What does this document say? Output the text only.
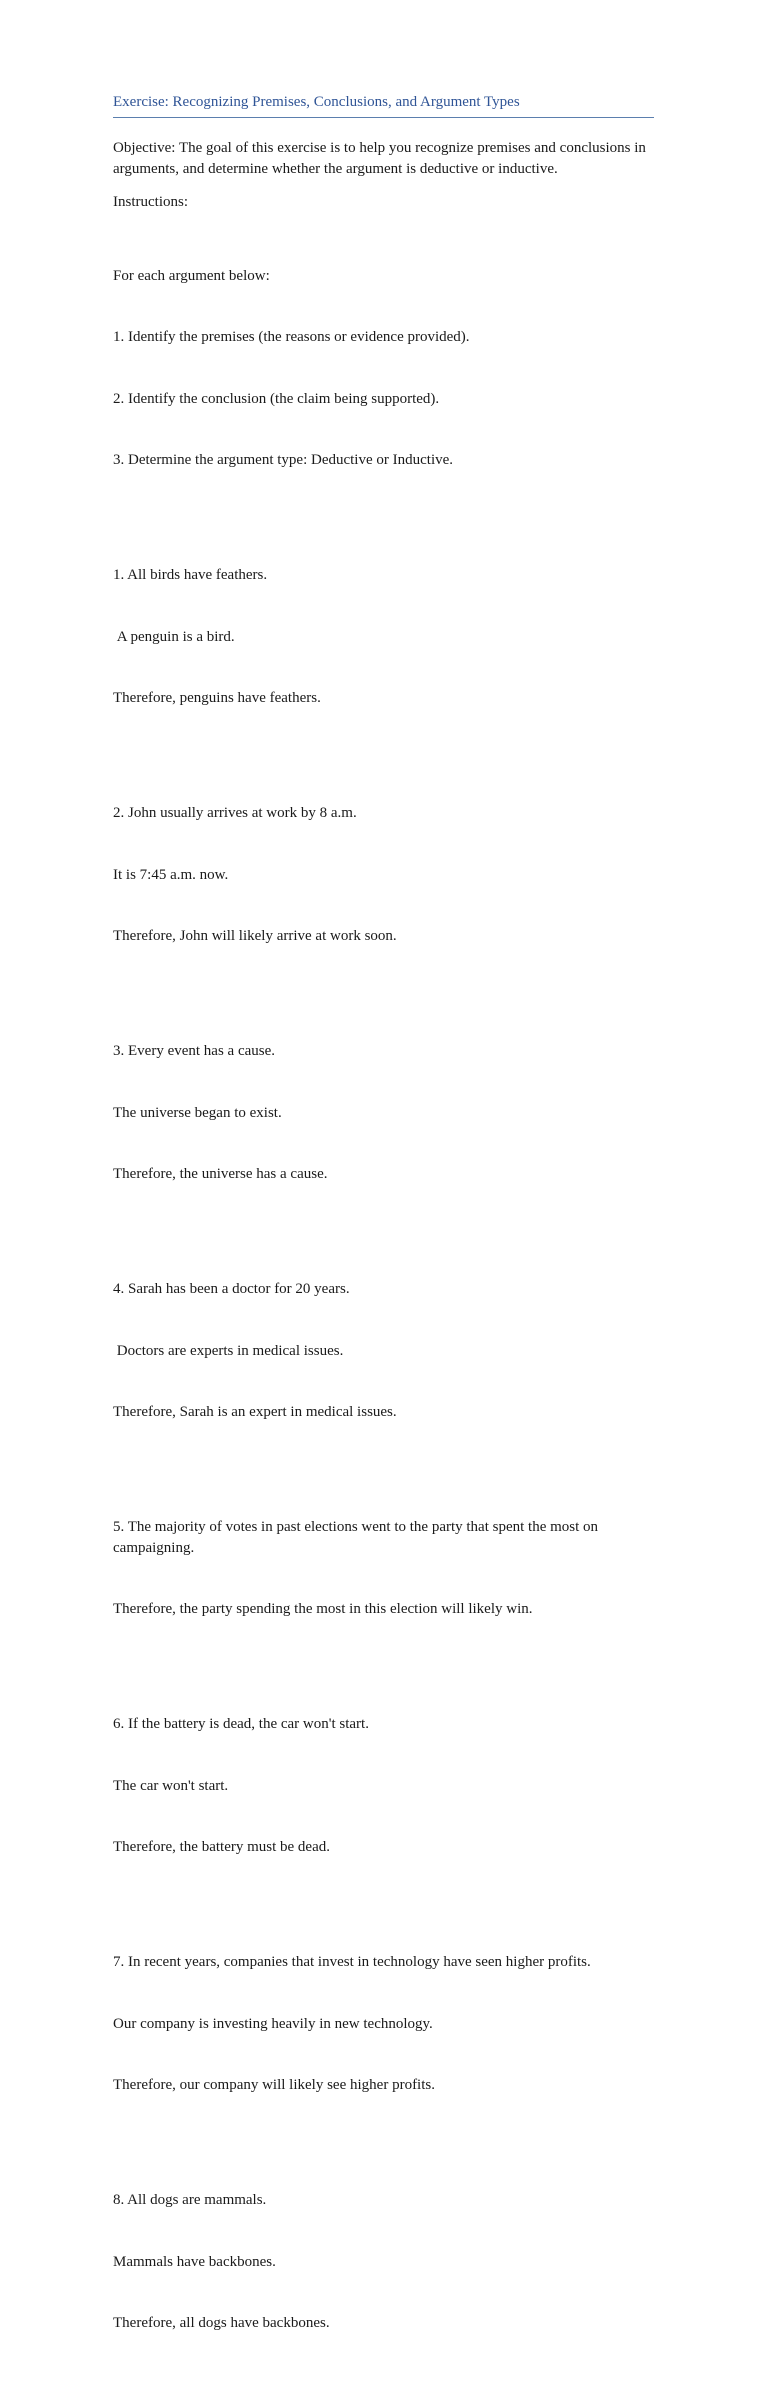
Exercise: Recognizing Premises, Conclusions, and Argument Types

Objective: The goal of this exercise is to help you recognize premises and conclusions in arguments, and determine whether the argument is deductive or inductive.

Instructions:

For each argument below:

1. Identify the premises (the reasons or evidence provided).

2. Identify the conclusion (the claim being supported).

3. Determine the argument type: Deductive or Inductive.

1. All birds have feathers.

A penguin is a bird.

Therefore, penguins have feathers.

2. John usually arrives at work by 8 a.m.

It is 7:45 a.m. now.

Therefore, John will likely arrive at work soon.

3. Every event has a cause.

The universe began to exist.

Therefore, the universe has a cause.

4. Sarah has been a doctor for 20 years.

Doctors are experts in medical issues.

Therefore, Sarah is an expert in medical issues.

5. The majority of votes in past elections went to the party that spent the most on campaigning.

Therefore, the party spending the most in this election will likely win.

6. If the battery is dead, the car won't start.

The car won't start.

Therefore, the battery must be dead.

7. In recent years, companies that invest in technology have seen higher profits.

Our company is investing heavily in new technology.

Therefore, our company will likely see higher profits.

8. All dogs are mammals.

Mammals have backbones.

Therefore, all dogs have backbones.
